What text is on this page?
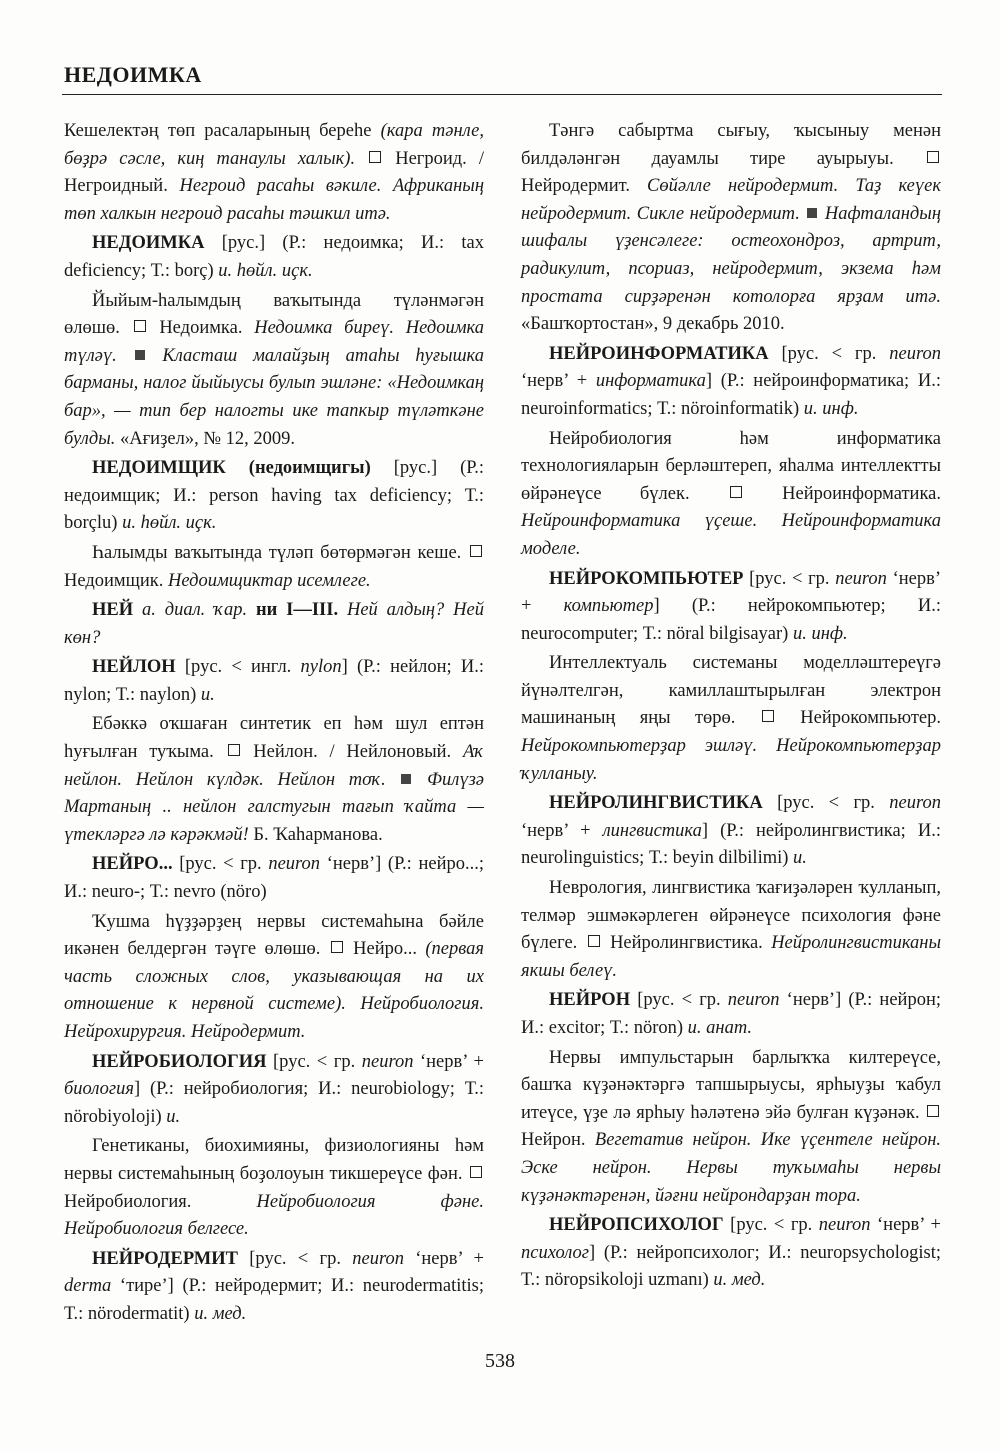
НЕДОИМКА

Кешелектәң төп расаларының береһе (кара тәнле, бөҙрә сәсле, киң танаулы халык).  Негроид. / Негроидный. Негроид расаһы вәкиле. Африканың төп халкын негроид расаһы тәшкил итә.

НЕДОИМКА [рус.] (Р.: недоимка; И.: tax deficiency; Т.: borç) и. һөйл. иҫк.

Йыйым-һалымдың ваҡытында түләнмәгән өлөшө.  Недоимка. Недоимка биреү. Недоимка түләү. Класташ малайҙың атаһы һуғышка барманы, налог йыйыусы булып эшләне: «Недоимкаң бар», — тип бер налогты ике тапкыр түләткәне булды. «Ағиҙел», № 12, 2009.

НЕДОИМЩИК (недоимщигы) [рус.] (Р.: недоимщик; И.: person having tax deficiency; Т.: borçlu) и. һөйл. иҫк.

Һалымды ваҡытында түләп бөтөрмәгән кеше.  Недоимщик. Недоимщиктар исемлеге.

НЕЙ а. диал. ҡар. ни I—III. Ней алдың? Ней көн?

НЕЙЛОН [рус. < ингл. nylon] (Р.: нейлон; И.: nylon; Т.: naylon) и.

Ебәккә оҡшаған синтетик еп һәм шул ептән һуғылған туҡыма.  Нейлон. / Нейлоновый. Аҡ нейлон. Нейлон күлдәк. Нейлон тоҡ. Филүзә Мартаның .. нейлон галстугын тағып ҡайта — үтекләргә лә кәрәкмәй! Б. Ҡаһарманова.

НЕЙРО... [рус. < гр. neuron ‘нерв’] (Р.: нейро...; И.: neuro-; Т.: nevro (nöro)

Ҡушма һүҙҙәрҙең нервы системаһына бәйле икәнен белдергән тәүге өлөшө.  Нейро... (первая часть сложных слов, указывающая на их отношение к нервной системе). Нейробиология. Нейрохирургия. Нейродермит.

НЕЙРОБИОЛОГИЯ [рус. < гр. neuron ‘нерв’ + биология] (Р.: нейробиология; И.: neurobiology; Т.: nörobiyoloji) и.

Генетиканы, биохимияны, физиологияны һәм нервы системаһының боҙолоуын тикшереүсе фән.  Нейробиология. Нейробиология фәне. Нейробиология белгесе.

НЕЙРОДЕРМИТ [рус. < гр. neuron ‘нерв’ + derma ‘тире’] (Р.: нейродермит; И.: neurodermatitis; Т.: nörodermatit) и. мед.

Тәнгә сабыртма сығыу, ҡысыныу менән билдәләнгән дауамлы тире ауырыуы.  Нейродермит. Сөйәлле нейродермит. Таҙ кеүек нейродермит. Сикле нейродермит. Нафталандың шифалы үҙенсәлеге: остеохондроз, артрит, радикулит, псориаз, нейродермит, экзема һәм простата сирҙәренән котолорға ярҙам итә. «Башҡортостан», 9 декабрь 2010.

НЕЙРОИНФОРМАТИКА [рус. < гр. neuron ‘нерв’ + информатика] (Р.: нейроинформатика; И.: neuroinformatics; Т.: nöroinformatik) и. инф.

Нейробиология һәм информатика технологияларын берләштереп, яһалма интеллектты өйрәнеүсе бүлек.	Нейроинформатика. Нейроинформатика үҫеше. Нейроинформатика моделе.

НЕЙРОКОМПЬЮТЕР [рус. < гр. neuron ‘нерв’ + компьютер] (Р.: нейрокомпьютер; И.: neurocomputer; Т.: nöral bilgisayar) и. инф.

Интеллектуаль системаны моделләштереүгә йүнәлтелгән, камиллаштырылған электрон машинаның яңы төрө.  Нейрокомпьютер. Нейрокомпьютерҙар эшләү. Нейрокомпьютерҙар ҡулланыу.

НЕЙРОЛИНГВИСТИКА [рус. < гр. neuron ‘нерв’ + лингвистика] (Р.: нейролингвистика; И.: neurolinguistics; Т.: beyin dilbilimi) и.

Неврология, лингвистика ҡағиҙәләрен ҡулланып, телмәр эшмәкәрлеген өйрәнеүсе психология фәне бүлеге.  Нейролингвистика. Нейролингвистиканы якшы белеү.

НЕЙРОН [рус. < гр. neuron ‘нерв’] (Р.: нейрон; И.: excitor; Т.: nöron) и. анат.

Нервы импульстарын барлыҡҡа килтереүсе, башҡа күҙәнәктәргә тапшырыусы, ярһыуҙы ҡабул итеүсе, үҙе лә ярһыу һәләтенә эйә булған күҙәнәк.  Нейрон. Вегетатив нейрон. Ике үҫентеле нейрон. Эске нейрон. Нервы туҡымаһы нервы күҙәнәктәренән, йәғни нейрондарҙан тора.

НЕЙРОПСИХОЛОГ [рус. < гр. neuron ‘нерв’ + психолог] (Р.: нейропсихолог; И.: neuropsychologist; Т.: nöropsikoloji uzmanı) и. мед.

538
